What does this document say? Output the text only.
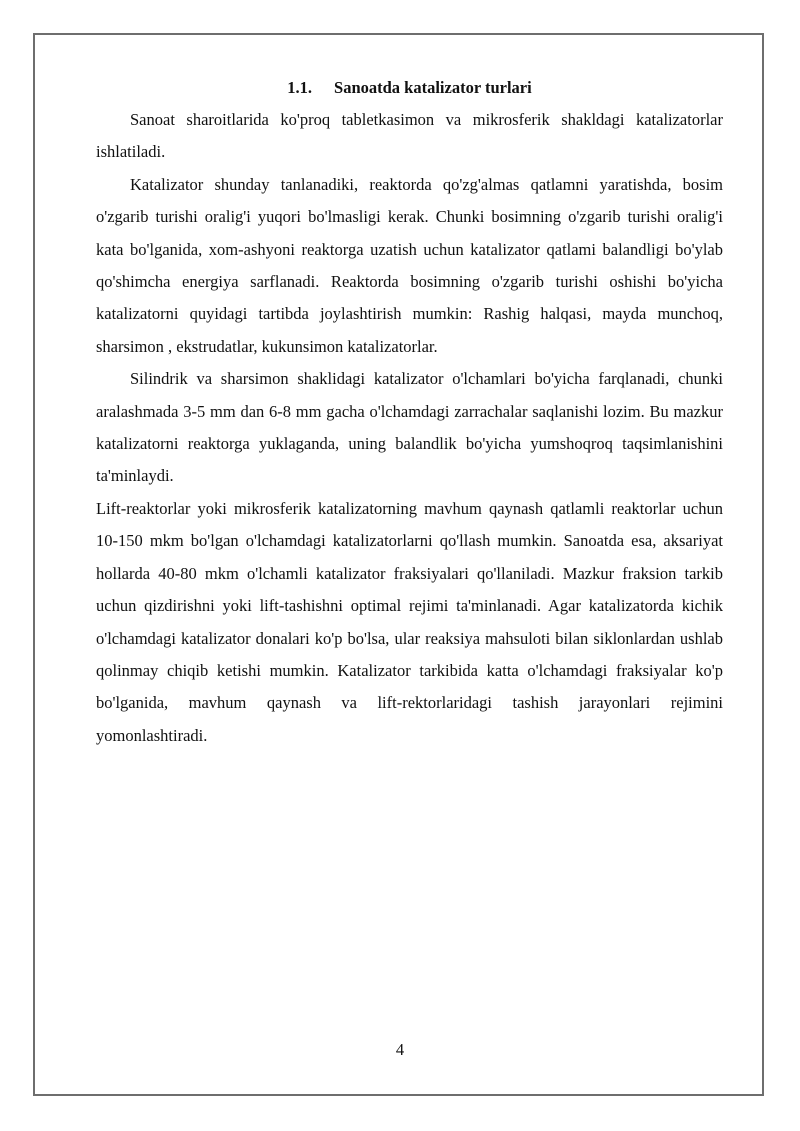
1.1. Sanoatda katalizator turlari

Sanoat sharoitlarida ko'proq tabletkasimon va mikrosferik shakldagi katalizatorlar ishlatiladi.

Katalizator shunday tanlanadiki, reaktorda qo'zg'almas qatlamni yaratishda, bosim o'zgarib turishi oralig'i yuqori bo'lmasligi kerak. Chunki bosimning o'zgarib turishi oralig'i kata bo'lganida, xom-ashyoni reaktorga uzatish uchun katalizator qatlami balandligi bo'ylab qo'shimcha energiya sarflanadi. Reaktorda bosimning o'zgarib turishi oshishi bo'yicha katalizatorni quyidagi tartibda joylashtirish mumkin: Rashig halqasi, mayda munchoq, sharsimon , ekstrudatlar, kukunsimon katalizatorlar.

Silindrik va sharsimon shaklidagi katalizator o'lchamlari bo'yicha farqlanadi, chunki aralashmada 3-5 mm dan 6-8 mm gacha o'lchamdagi zarrachalar saqlanishi lozim. Bu mazkur katalizatorni reaktorga yuklaganda, uning balandlik bo'yicha yumshoqroq taqsimlanishini ta'minlaydi.

Lift-reaktorlar yoki mikrosferik katalizatorning mavhum qaynash qatlamli reaktorlar uchun 10-150 mkm bo'lgan o'lchamdagi katalizatorlarni qo'llash mumkin. Sanoatda esa, aksariyat hollarda 40-80 mkm o'lchamli katalizator fraksiyalari qo'llaniladi. Mazkur fraksion tarkib uchun qizdirishni yoki lift-tashishni optimal rejimi ta'minlanadi. Agar katalizatorda kichik o'lchamdagi katalizator donalari ko'p bo'lsa, ular reaksiya mahsuloti bilan siklonlardan ushlab qolinmay chiqib ketishi mumkin. Katalizator tarkibida katta o'lchamdagi fraksiyalar ko'p bo'lganida, mavhum qaynash va lift-rektorlaridagi tashish jarayonlari rejimini yomonlashtiradi.

4
